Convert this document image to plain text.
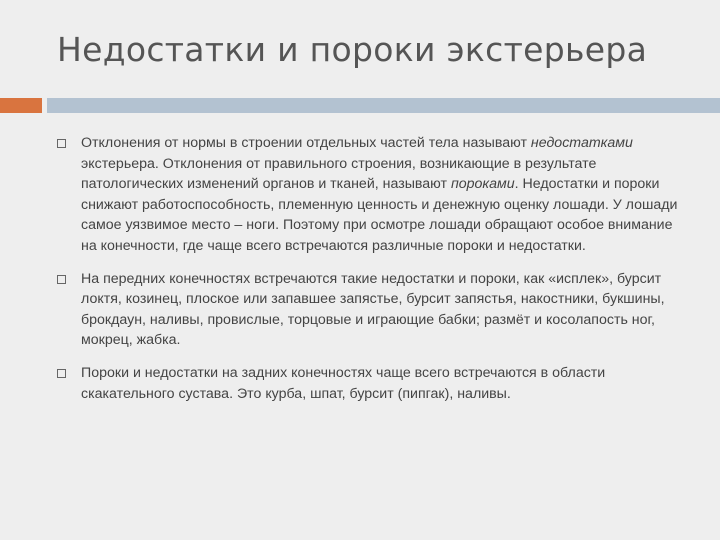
Недостатки и пороки экстерьера
Отклонения от нормы в строении отдельных частей тела называют недостатками экстерьера. Отклонения от правильного строения, возникающие в результате патологических изменений органов и тканей, называют пороками. Недостатки и пороки снижают работоспособность, племенную ценность и денежную оценку лошади. У лошади самое уязвимое место – ноги. Поэтому при осмотре лошади обращают особое внимание на конечности, где чаще всего встречаются различные пороки и недостатки.
На передних конечностях встречаются такие недостатки и пороки, как «исплек», бурсит локтя, козинец, плоское или запавшее запястье, бурсит запястья, накостники, букшины, брокдаун, наливы, провислые, торцовые и играющие бабки; размёт и косолапость ног, мокрец, жабка.
Пороки и недостатки на задних конечностях чаще всего встречаются в области скакательного сустава. Это курба, шпат, бурсит (пипгак), наливы.
